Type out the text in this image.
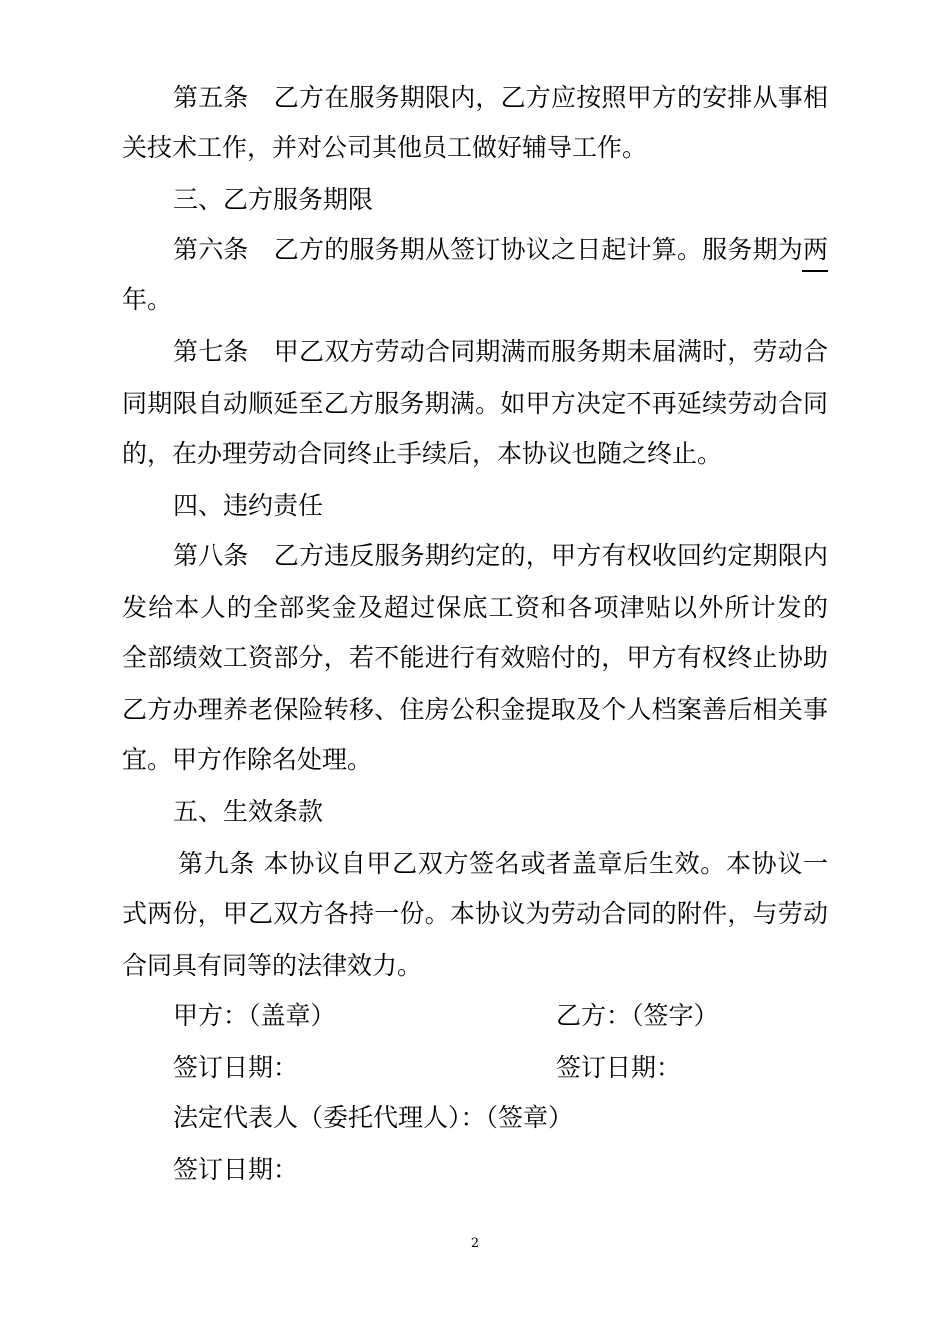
第五条　乙方在服务期限内，乙方应按照甲方的安排从事相
关技术工作，并对公司其他员工做好辅导工作。
三、乙方服务期限
第六条　乙方的服务期从签订协议之日起计算。服务期为两
年。
第七条　甲乙双方劳动合同期满而服务期未届满时，劳动合
同期限自动顺延至乙方服务期满。如甲方决定不再延续劳动合同
的，在办理劳动合同终止手续后，本协议也随之终止。
四、违约责任
第八条　乙方违反服务期约定的，甲方有权收回约定期限内
发给本人的全部奖金及超过保底工资和各项津贴以外所计发的
全部绩效工资部分，若不能进行有效赔付的，甲方有权终止协助
乙方办理养老保险转移、住房公积金提取及个人档案善后相关事
宜。甲方作除名处理。
五、生效条款
第九条 本协议自甲乙双方签名或者盖章后生效。本协议一
式两份，甲乙双方各持一份。本协议为劳动合同的附件，与劳动
合同具有同等的法律效力。
甲方：（盖章）	乙方：（签字）
签订日期：	签订日期：
法定代表人（委托代理人）：（签章）
签订日期：
2
